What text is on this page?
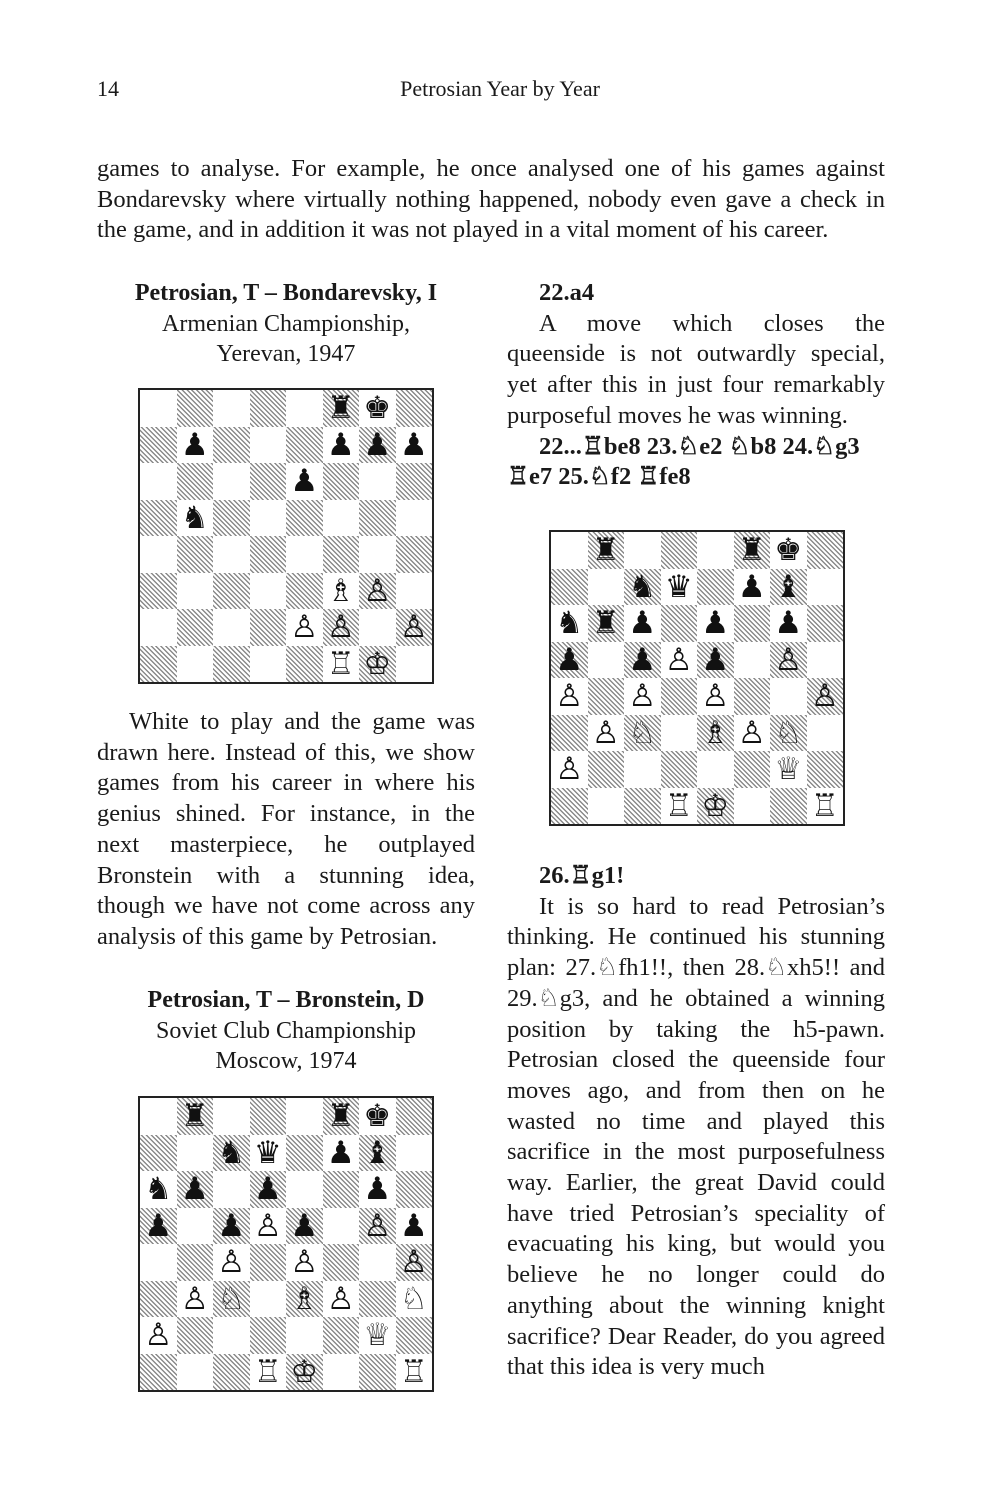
14	Petrosian Year by Year

games to analyse. For example, he once analysed one of his games against Bondarevsky where virtually nothing happened, nobody even gave a check in the game, and in addition it was not played in a vital moment of his career.

Petrosian, T – Bondarevsky, I
Armenian Championship,
Yerevan, 1947
♜ ♚
♟	♟ ♟ ♟
♟
♞
♗ ♙
♙ ♙ ♙
♖ ♔

White to play and the game was drawn here. Instead of this, we show games from his career in where his genius shined. For instance, in the next masterpiece, he outplayed Bronstein with a stunning idea, though we have not come across any analysis of this game by Petrosian.

Petrosian, T – Bronstein, D
Soviet Club Championship
Moscow, 1974
♜	♜ ♚
♞ ♛ ♟ ♝
♞ ♟ ♟	♟
♟ ♟ ♙ ♟ ♙ ♟
♙ ♙	♙
♙ ♘ ♗ ♙ ♘
♙	♕
♖ ♔	♖
22.a4

A move which closes the queenside is not outwardly special, yet after this in just four remarkably purposeful moves he was winning.

22...♖be8 23.♘e2 ♘b8 24.♘g3 ♖e7 25.♘f2 ♖fe8

♜	♜ ♚
♞ ♛ ♟ ♝
♞ ♜ ♟ ♟ ♟
♟ ♟ ♙ ♟ ♙
♙ ♙ ♙	♙
♙ ♘ ♗ ♙ ♘
♙	♕
♖ ♔	♖
26.♖g1!

It is so hard to read Petrosian’s thinking. He continued his stunning plan: 27.♘fh1!!, then 28.♘xh5!! and 29.♘g3, and he obtained a winning position by taking the h5-pawn. Petrosian closed the queenside four moves ago, and from then on he wasted no time and played this sacrifice in the most purposefulness way. Earlier, the great David could have tried Petrosian’s speciality of evacuating his king, but would you believe he no longer could do anything about the winning knight sacrifice? Dear Reader, do you agreed that this idea is very much
